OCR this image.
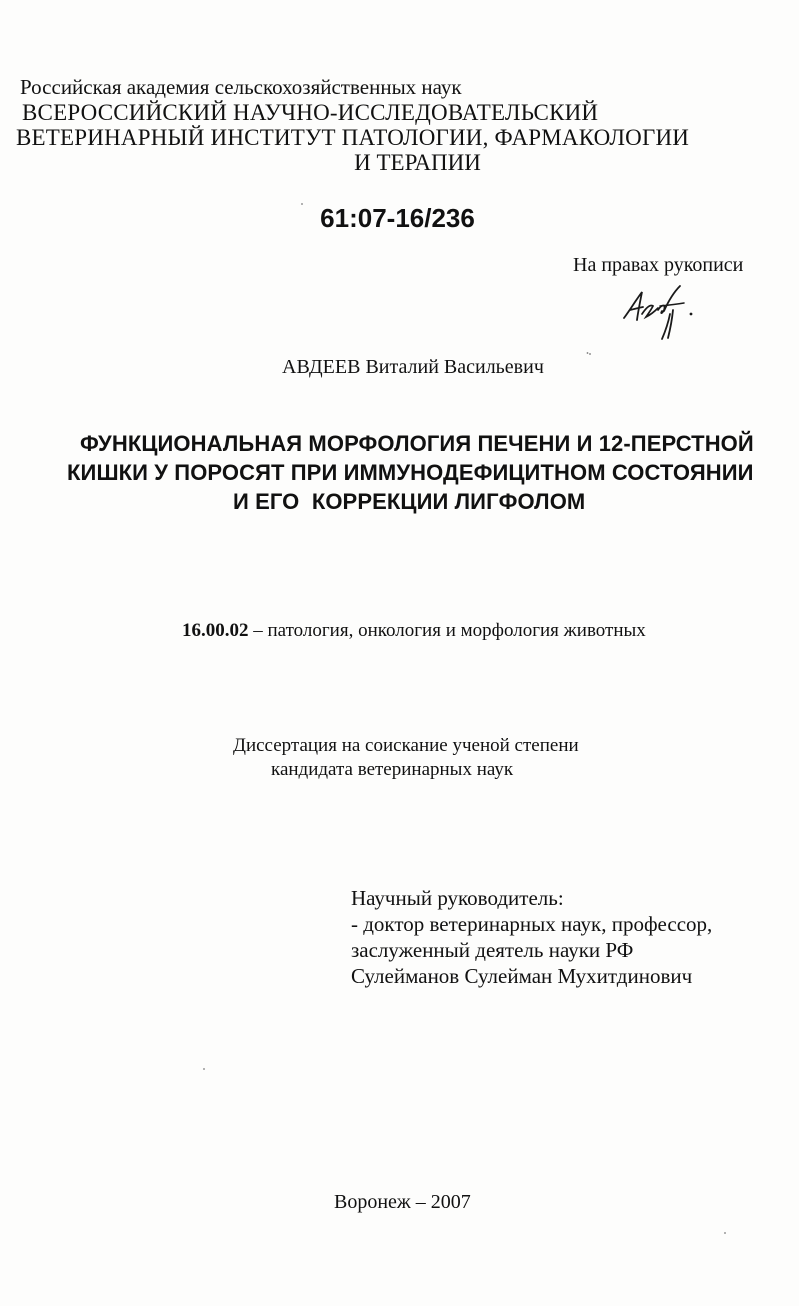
Российская академия сельскохозяйственных наук
ВСЕРОССИЙСКИЙ НАУЧНО-ИССЛЕДОВАТЕЛЬСКИЙ
ВЕТЕРИНАРНЫЙ ИНСТИТУТ ПАТОЛОГИИ, ФАРМАКОЛОГИИ
И ТЕРАПИИ
61:07-16/236
На правах рукописи
АВДЕЕВ Виталий Васильевич
ФУНКЦИОНАЛЬНАЯ МОРФОЛОГИЯ ПЕЧЕНИ И 12-ПЕРСТНОЙ
КИШКИ У ПОРОСЯТ ПРИ ИММУНОДЕФИЦИТНОМ СОСТОЯНИИ
И ЕГО  КОРРЕКЦИИ ЛИГФОЛОМ
16.00.02 – патология, онкология и морфология животных
Диссертация на соискание ученой степени
кандидата ветеринарных наук
Научный руководитель:
- доктор ветеринарных наук, профессор,
заслуженный деятель науки РФ
Сулейманов Сулейман Мухитдинович
Воронеж – 2007
